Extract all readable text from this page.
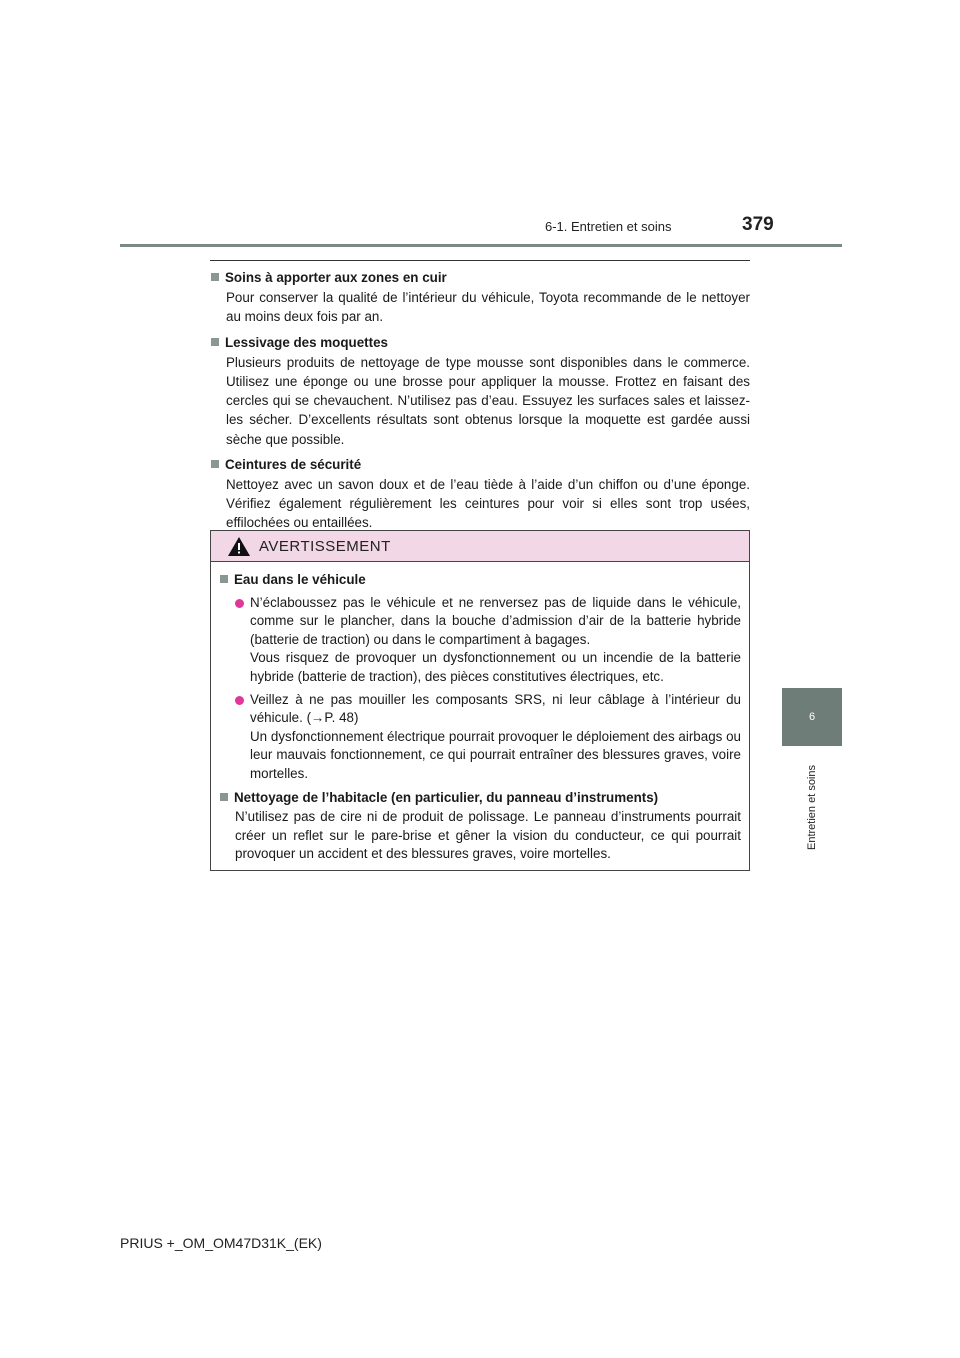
6-1. Entretien et soins	379
6
Entretien et soins
Soins à apporter aux zones en cuir
Pour conserver la qualité de l’intérieur du véhicule, Toyota recommande de le nettoyer au moins deux fois par an.
Lessivage des moquettes
Plusieurs produits de nettoyage de type mousse sont disponibles dans le commerce. Utilisez une éponge ou une brosse pour appliquer la mousse. Frottez en faisant des cercles qui se chevauchent. N’utilisez pas d’eau. Essuyez les surfaces sales et laissez-les sécher. D’excellents résultats sont obtenus lorsque la moquette est gardée aussi sèche que possible.
Ceintures de sécurité
Nettoyez avec un savon doux et de l’eau tiède à l’aide d’un chiffon ou d’une éponge. Vérifiez également régulièrement les ceintures pour voir si elles sont trop usées, effilochées ou entaillées.
AVERTISSEMENT
Eau dans le véhicule
N’éclaboussez pas le véhicule et ne renversez pas de liquide dans le véhicule, comme sur le plancher, dans la bouche d’admission d’air de la batterie hybride (batterie de traction) ou dans le compartiment à bagages.
Vous risquez de provoquer un dysfonctionnement ou un incendie de la batterie hybride (batterie de traction), des pièces constitutives électriques, etc.
Veillez à ne pas mouiller les composants SRS, ni leur câblage à l’intérieur du véhicule. (→P. 48)
Un dysfonctionnement électrique pourrait provoquer le déploiement des airbags ou leur mauvais fonctionnement, ce qui pourrait entraîner des blessures graves, voire mortelles.
Nettoyage de l’habitacle (en particulier, du panneau d’instruments)
N’utilisez pas de cire ni de produit de polissage. Le panneau d’instruments pourrait créer un reflet sur le pare-brise et gêner la vision du conducteur, ce qui pourrait provoquer un accident et des blessures graves, voire mortelles.
PRIUS +_OM_OM47D31K_(EK)
